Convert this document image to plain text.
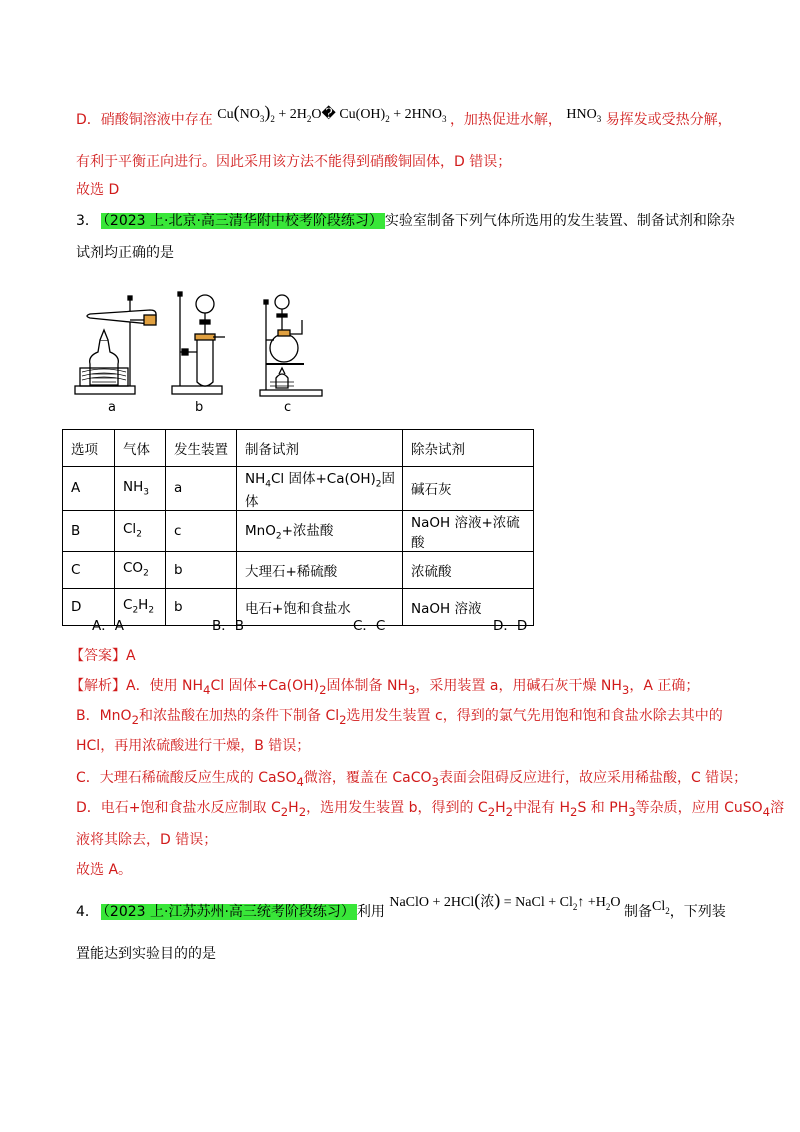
D．硝酸铜溶液中存在 $Cu(NO_3)_2$ + $2H_2O�$ $Cu(OH)_2 + 2HNO_3$ ，加热促进水解， $HNO_3$ 易挥发或受热分解，
有利于平衡正向进行。因此采用该方法不能得到硝酸铜固体，D 错误；
故选 D
3． （2023 上·北京·高三清华附中校考阶段练习） 实验室制备下列气体所选用的发生装置、制备试剂和除杂
试剂均正确的是
a	b	c
选项	气体	发生装置	制备试剂	除杂试剂
A	$NH_3$	a	$NH_4Cl$ 固体$+Ca(OH)_2$固体	碱石灰
B	$Cl_2$	c	MnO$_2$+浓盐酸	NaOH 溶液+浓硫酸
C	$CO_2$	b	大理石+稀硫酸	浓硫酸
D	$C_2H_2$	b	电石+饱和食盐水	NaOH 溶液
A．A	B．B	C．C	D．D
【答案】A
【解析】A．使用 $NH_4Cl$ 固体$+Ca(OH)_2$固体制备 $NH_3$，采用装置 a，用碱石灰干燥 $NH_3$，A 正确；
B．MnO$_2$和浓盐酸在加热的条件下制备 $Cl_2$选用发生装置 c，得到的氯气先用饱和饱和食盐水除去其中的
HCl，再用浓硫酸进行干燥，B 错误；
C．大理石稀硫酸反应生成的 CaSO$_4$微溶，覆盖在 CaCO$_3$表面会阻碍反应进行，故应采用稀盐酸，C 错误；
D．电石+饱和食盐水反应制取 $C_2H_2$，选用发生装置 b，得到的 $C_2H_2$中混有 $H_2S$ 和 $PH_3$等杂质，应用 CuSO$_4$溶
液将其除去，D 错误；
故选 A。
4． （2023 上·江苏苏州·高三统考阶段练习） 利用 NaClO + 2HCl(浓) = NaCl + $Cl_2↑ +H_2O$ 制备$Cl_2$，下列装
置能达到实验目的的是
